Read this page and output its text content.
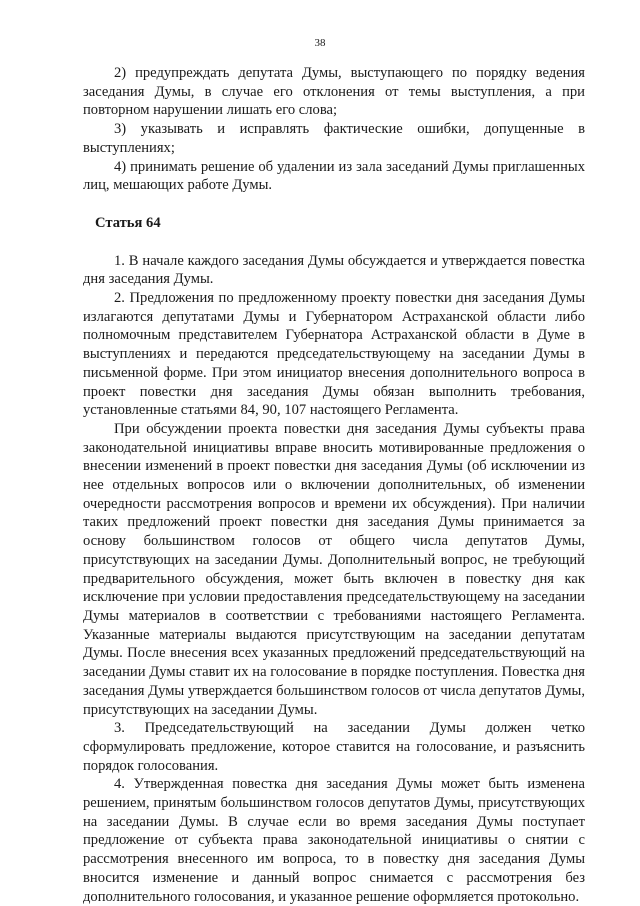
38

2) предупреждать депутата Думы, выступающего по порядку ведения заседания Думы, в случае его отклонения от темы выступления, а при повторном нарушении лишать его слова;

3) указывать и исправлять фактические ошибки, допущенные в выступлениях;

4) принимать решение об удалении из зала заседаний Думы приглашенных лиц, мешающих работе Думы.

Статья 64

1. В начале каждого заседания Думы обсуждается и утверждается повестка дня заседания Думы.

2. Предложения по предложенному проекту повестки дня заседания Думы излагаются депутатами Думы и Губернатором Астраханской области либо полномочным представителем Губернатора Астраханской области в Думе в выступлениях и передаются председательствующему на заседании Думы в письменной форме. При этом инициатор внесения дополнительного вопроса в проект повестки дня заседания Думы обязан выполнить требования, установленные статьями 84, 90, 107 настоящего Регламента.

При обсуждении проекта повестки дня заседания Думы субъекты права законодательной инициативы вправе вносить мотивированные предложения о внесении изменений в проект повестки дня заседания Думы (об исключении из нее отдельных вопросов или о включении дополнительных, об изменении очередности рассмотрения вопросов и времени их обсуждения). При наличии таких предложений проект повестки дня заседания Думы принимается за основу большинством голосов от общего числа депутатов Думы, присутствующих на заседании Думы. Дополнительный вопрос, не требующий предварительного обсуждения, может быть включен в повестку дня как исключение при условии предоставления председательствующему на заседании Думы материалов в соответствии с требованиями настоящего Регламента. Указанные материалы выдаются присутствующим на заседании депутатам Думы. После внесения всех указанных предложений председательствующий на заседании Думы ставит их на голосование в порядке поступления. Повестка дня заседания Думы утверждается большинством голосов от числа депутатов Думы, присутствующих на заседании Думы.

3. Председательствующий на заседании Думы должен четко сформулировать предложение, которое ставится на голосование, и разъяснить порядок голосования.

4. Утвержденная повестка дня заседания Думы может быть изменена решением, принятым большинством голосов депутатов Думы, присутствующих на заседании Думы. В случае если во время заседания Думы поступает предложение от субъекта права законодательной инициативы о снятии с рассмотрения внесенного им вопроса, то в повестку дня заседания Думы вносится изменение и данный вопрос снимается с рассмотрения без дополнительного голосования, и указанное решение оформляется протокольно.
